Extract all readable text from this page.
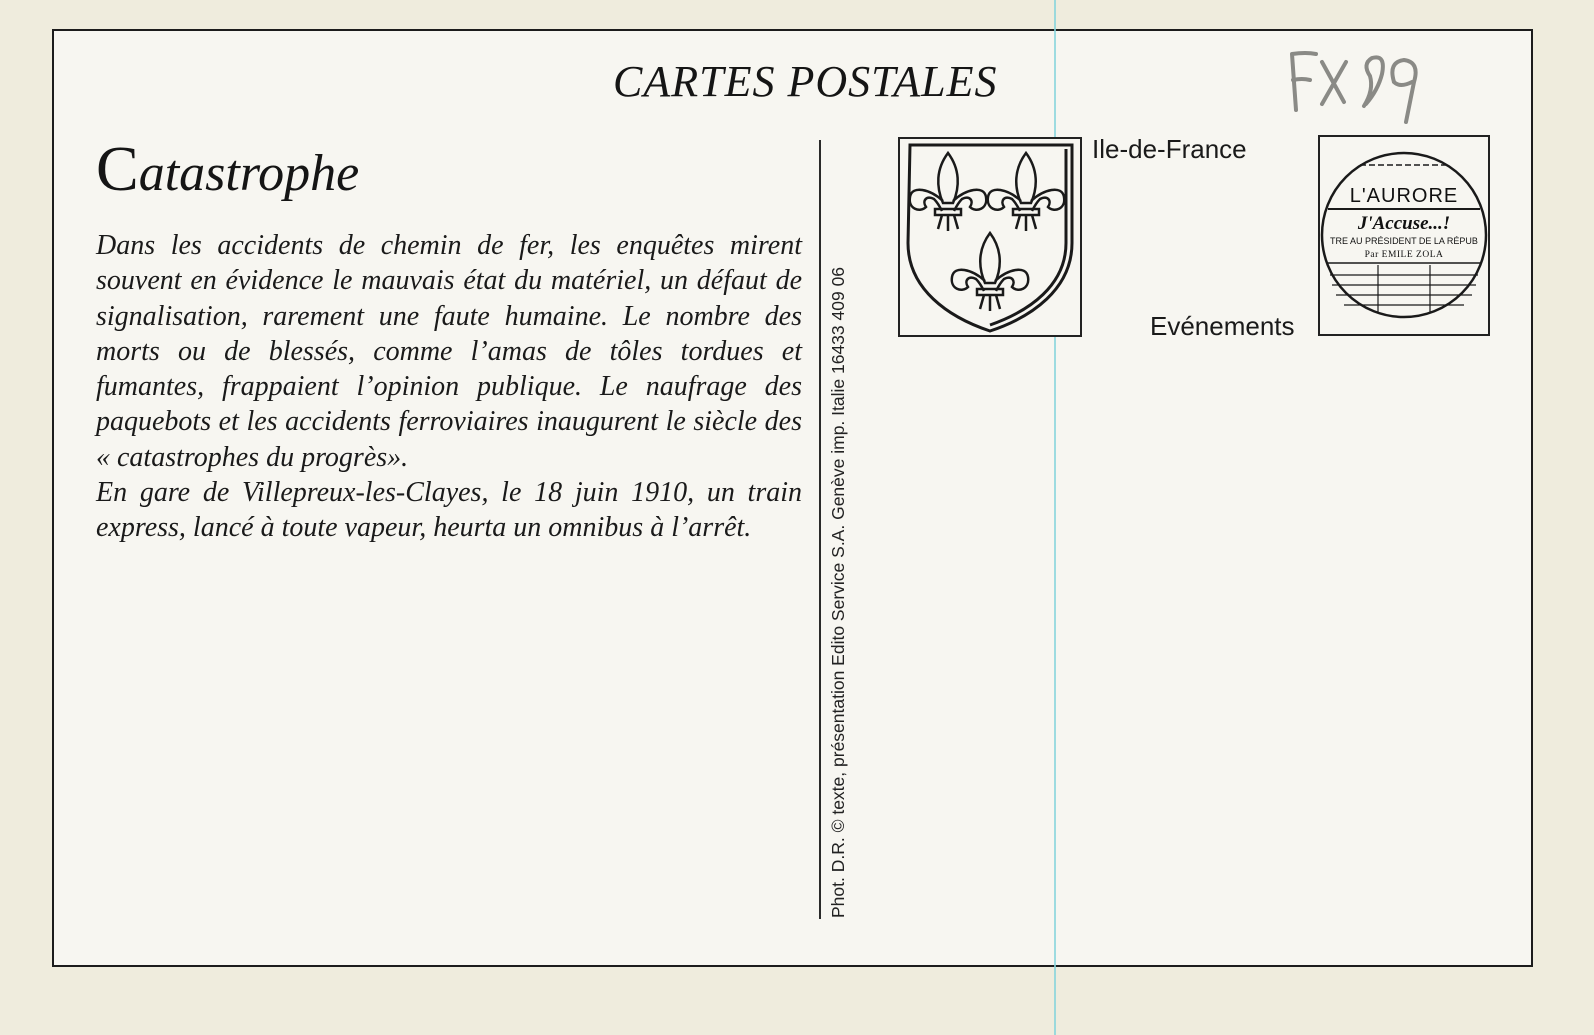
CARTES POSTALES
Catastrophe

Dans les accidents de chemin de fer, les enquêtes mirent souvent en évidence le mauvais état du matériel, un défaut de signalisation, rarement une faute humaine. Le nombre des morts ou de blessés, comme l’amas de tôles tordues et fumantes, frappaient l’opinion publique. Le naufrage des paquebots et les accidents ferroviaires inaugurent le siècle des « catastrophes du progrès».

En gare de Villepreux-les-Clayes, le 18 juin 1910, un train express, lancé à toute vapeur, heurta un omnibus à l’arrêt.	Phot. D.R. © texte, présentation Edito Service S.A. Genève imp. Italie 16433 409 06
Ile-de-France
Evénements
L'AURORE
J'Accuse...!
TRE AU PRÉSIDENT DE LA RÉPUB
Par ÉMILE ZOLA
